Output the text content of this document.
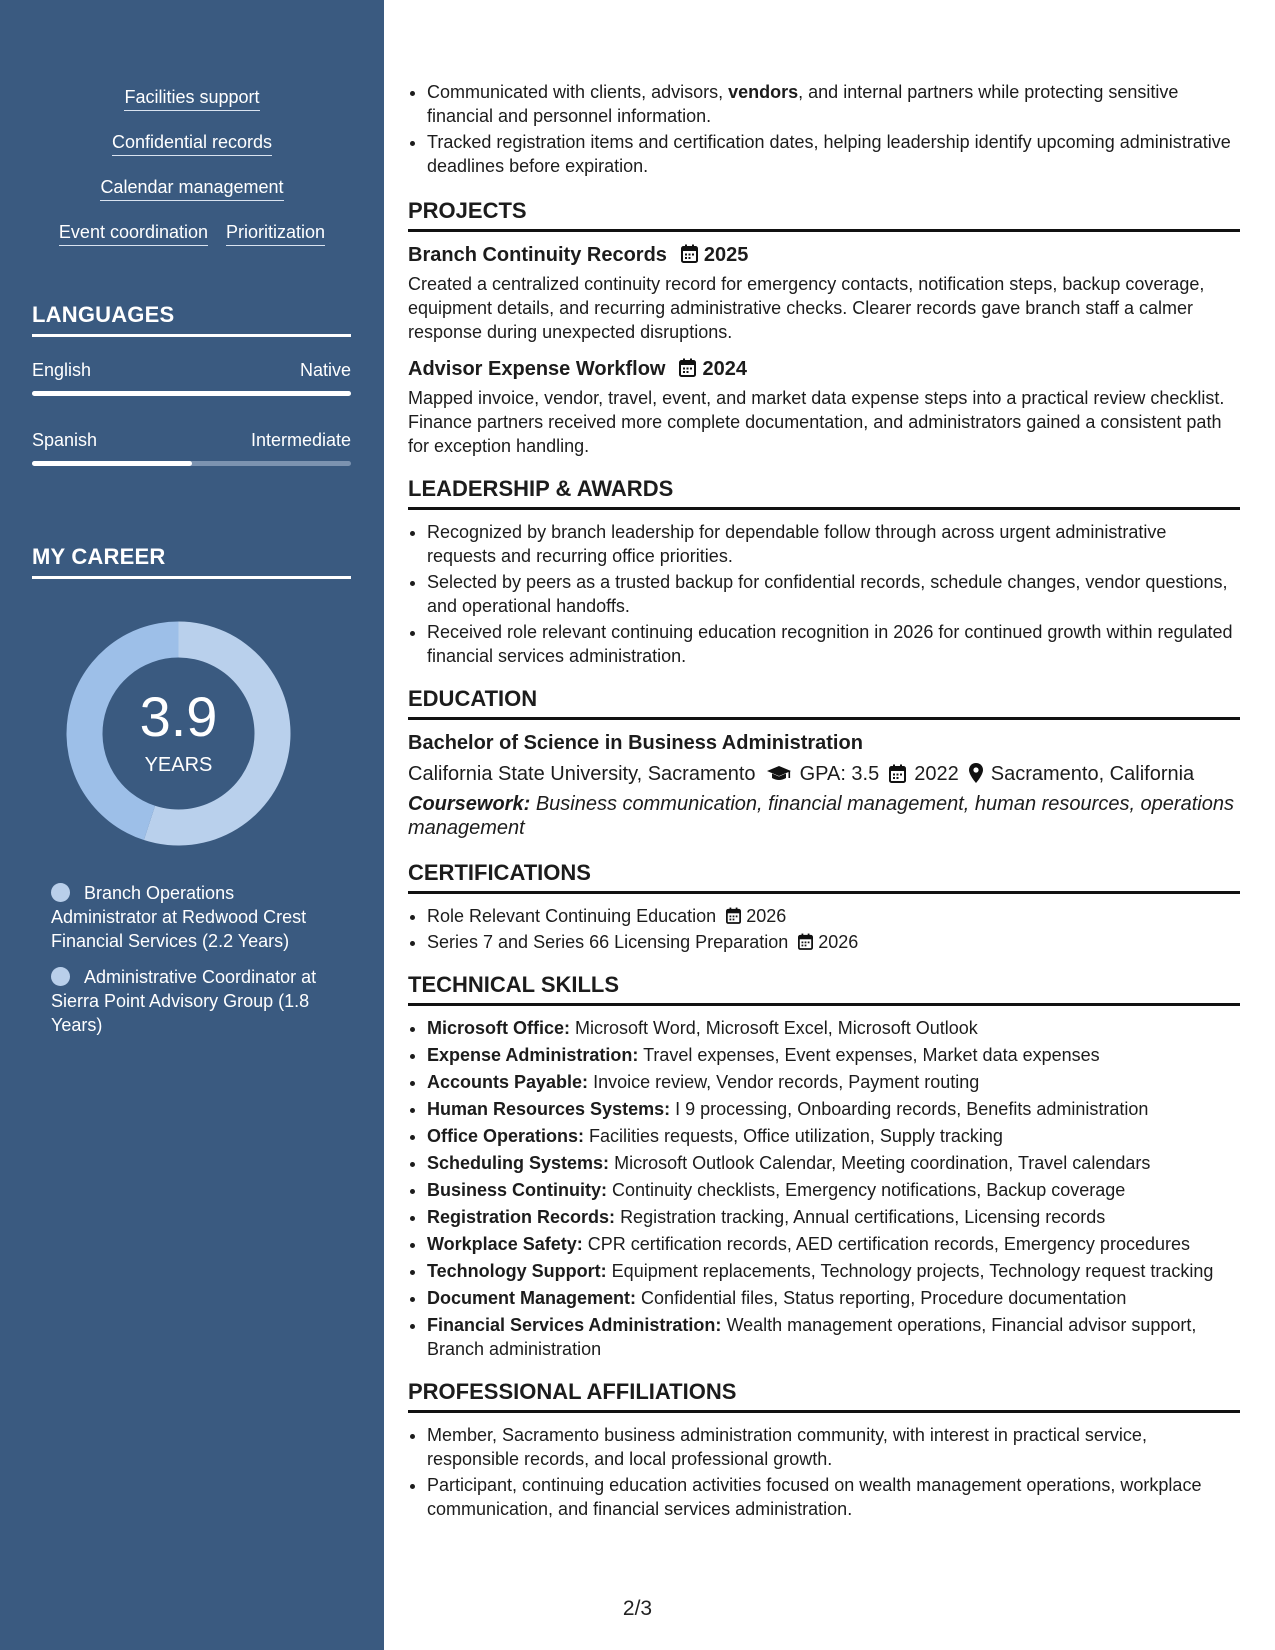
Facilities support
Confidential records
Calendar management
Event coordination Prioritization
LANGUAGES
English	Native
Spanish	Intermediate
MY CAREER
3.9
YEARS
Branch Operations Administrator at Redwood Crest Financial Services (2.2 Years)
Administrative Coordinator at Sierra Point Advisory Group (1.8 Years)
• Communicated with clients, advisors, vendors, and internal partners while protecting sensitive financial and personnel information.
• Tracked registration items and certification dates, helping leadership identify upcoming administrative deadlines before expiration.
PROJECTS
Branch Continuity Records 2025
Created a centralized continuity record for emergency contacts, notification steps, backup coverage, equipment details, and recurring administrative checks. Clearer records gave branch staff a calmer response during unexpected disruptions.
Advisor Expense Workflow 2024
Mapped invoice, vendor, travel, event, and market data expense steps into a practical review checklist. Finance partners received more complete documentation, and administrators gained a consistent path for exception handling.
LEADERSHIP & AWARDS
• Recognized by branch leadership for dependable follow through across urgent administrative requests and recurring office priorities.
• Selected by peers as a trusted backup for confidential records, schedule changes, vendor questions, and operational handoffs.
• Received role relevant continuing education recognition in 2026 for continued growth within regulated financial services administration.
EDUCATION
Bachelor of Science in Business Administration
California State University, Sacramento GPA: 3.5 2022 Sacramento, California
Coursework: Business communication, financial management, human resources, operations management
CERTIFICATIONS
• Role Relevant Continuing Education 2026
• Series 7 and Series 66 Licensing Preparation 2026
TECHNICAL SKILLS
• Microsoft Office: Microsoft Word, Microsoft Excel, Microsoft Outlook
• Expense Administration: Travel expenses, Event expenses, Market data expenses
• Accounts Payable: Invoice review, Vendor records, Payment routing
• Human Resources Systems: I 9 processing, Onboarding records, Benefits administration
• Office Operations: Facilities requests, Office utilization, Supply tracking
• Scheduling Systems: Microsoft Outlook Calendar, Meeting coordination, Travel calendars
• Business Continuity: Continuity checklists, Emergency notifications, Backup coverage
• Registration Records: Registration tracking, Annual certifications, Licensing records
• Workplace Safety: CPR certification records, AED certification records, Emergency procedures
• Technology Support: Equipment replacements, Technology projects, Technology request tracking
• Document Management: Confidential files, Status reporting, Procedure documentation
• Financial Services Administration: Wealth management operations, Financial advisor support, Branch administration
PROFESSIONAL AFFILIATIONS
• Member, Sacramento business administration community, with interest in practical service, responsible records, and local professional growth.
• Participant, continuing education activities focused on wealth management operations, workplace communication, and financial services administration.
2/3
